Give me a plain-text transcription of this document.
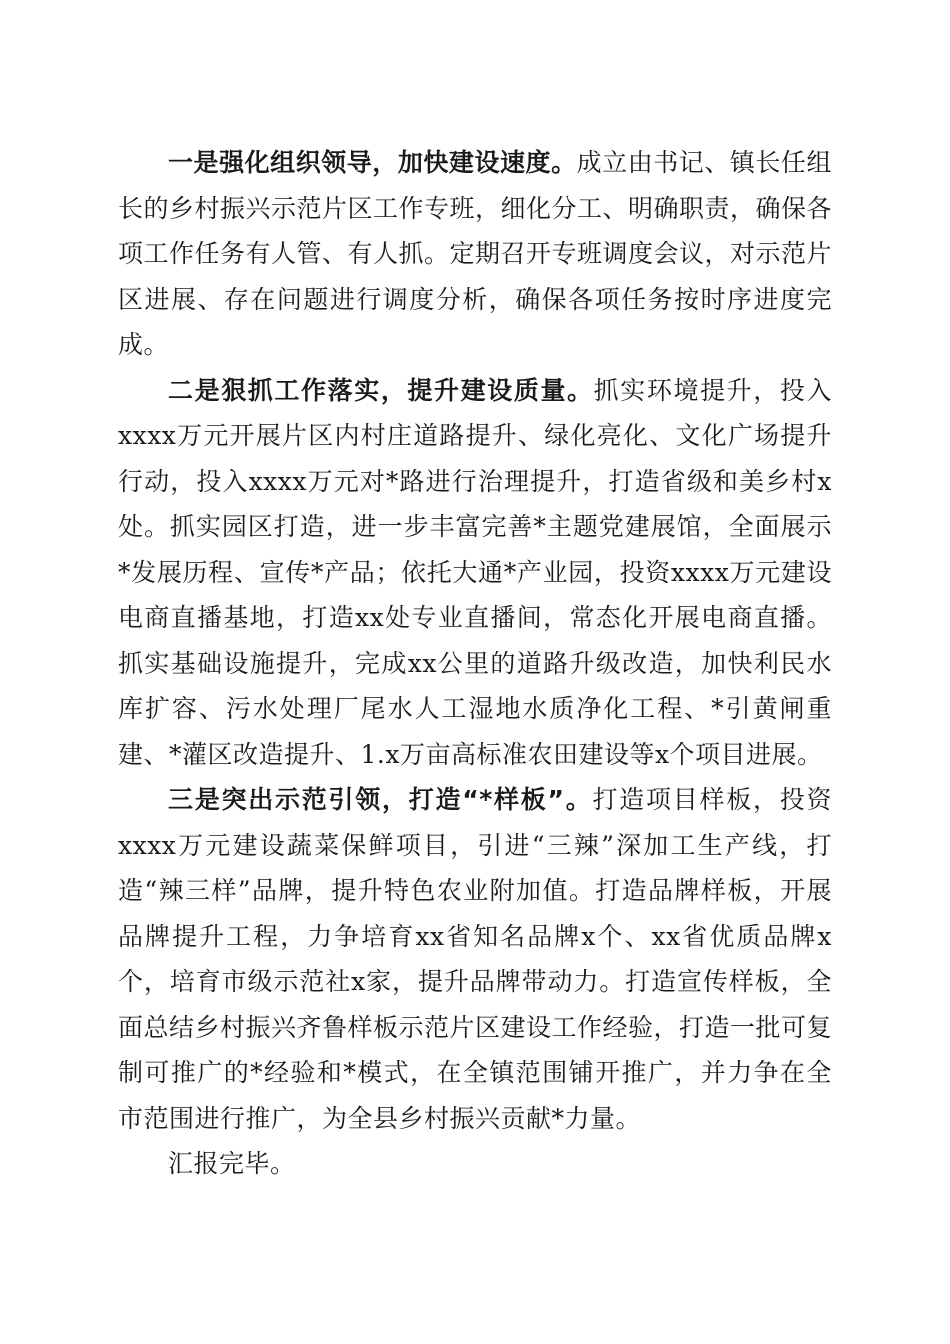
一是强化组织领导，加快建设速度。成立由书记、镇长任组长的乡村振兴示范片区工作专班，细化分工、明确职责，确保各项工作任务有人管、有人抓。定期召开专班调度会议，对示范片区进展、存在问题进行调度分析，确保各项任务按时序进度完成。

二是狠抓工作落实，提升建设质量。抓实环境提升，投入xxxx万元开展片区内村庄道路提升、绿化亮化、文化广场提升行动，投入xxxx万元对*路进行治理提升，打造省级和美乡村x处。抓实园区打造，进一步丰富完善*主题党建展馆，全面展示*发展历程、宣传*产品；依托大通*产业园，投资xxxx万元建设电商直播基地，打造xx处专业直播间，常态化开展电商直播。抓实基础设施提升，完成xx公里的道路升级改造，加快利民水库扩容、污水处理厂尾水人工湿地水质净化工程、*引黄闸重建、*灌区改造提升、1.x万亩高标准农田建设等x个项目进展。

三是突出示范引领，打造“*样板”。打造项目样板，投资xxxx万元建设蔬菜保鲜项目，引进“三辣”深加工生产线，打造“辣三样”品牌，提升特色农业附加值。打造品牌样板，开展品牌提升工程，力争培育xx省知名品牌x个、xx省优质品牌x个，培育市级示范社x家，提升品牌带动力。打造宣传样板，全面总结乡村振兴齐鲁样板示范片区建设工作经验，打造一批可复制可推广的*经验和*模式，在全镇范围铺开推广，并力争在全市范围进行推广，为全县乡村振兴贡献*力量。

汇报完毕。
